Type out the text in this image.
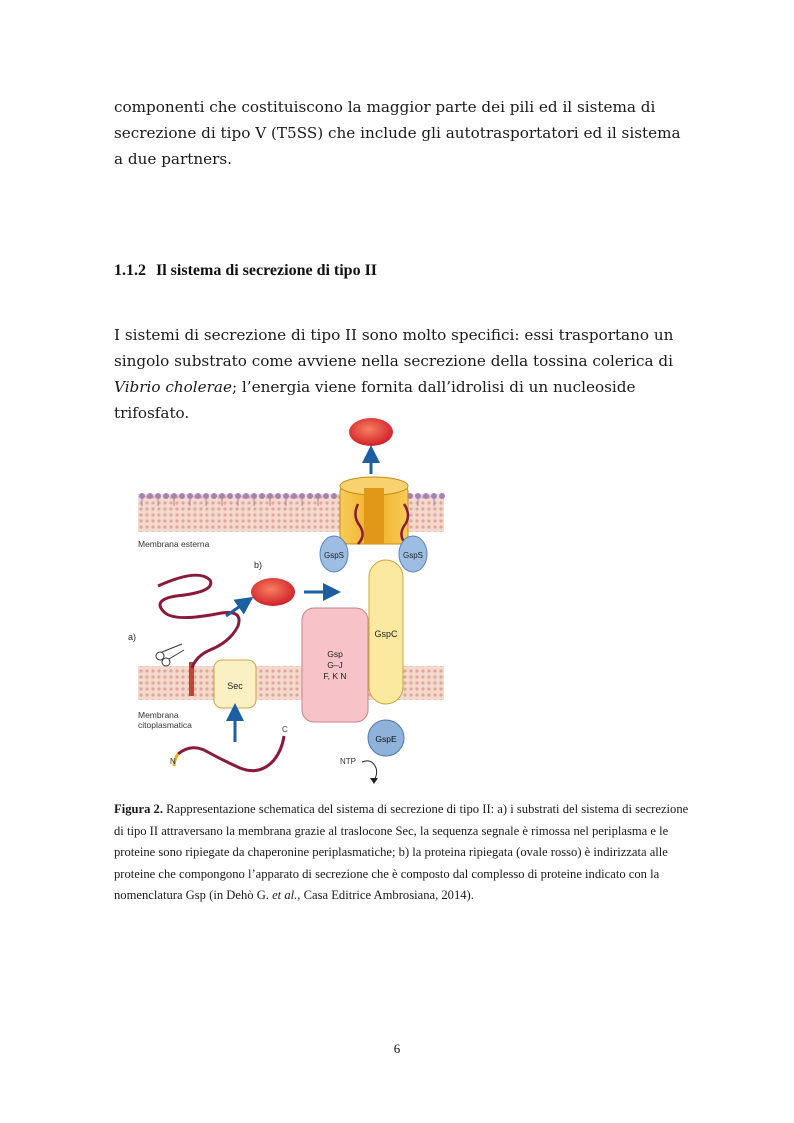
componenti che costituiscono la maggior parte dei pili ed il sistema di secrezione di tipo V (T5SS) che include gli autotrasportatori ed il sistema a due partners.

1.1.2 Il sistema di secrezione di tipo II

I sistemi di secrezione di tipo II sono molto specifici: essi trasportano un singolo substrato come avviene nella secrezione della tossina colerica di Vibrio cholerae; l’energia viene fornita dall’idrolisi di un nucleoside trifosfato.

Membrana esterna
Membrana
citoplasmatica
GspS	GspS
GspC
Gsp
G–J
F, K N
GspE
NTP
Sec
N
C
a)
b)

Figura 2. Rappresentazione schematica del sistema di secrezione di tipo II: a) i substrati del sistema di secrezione di tipo II attraversano la membrana grazie al traslocone Sec, la sequenza segnale è rimossa nel periplasma e le proteine sono ripiegate da chaperonine periplasmatiche; b) la proteina ripiegata (ovale rosso) è indirizzata alle proteine che compongono l’apparato di secrezione che è composto dal complesso di proteine indicato con la nomenclatura Gsp (in Dehò G. et al., Casa Editrice Ambrosiana, 2014).

6
